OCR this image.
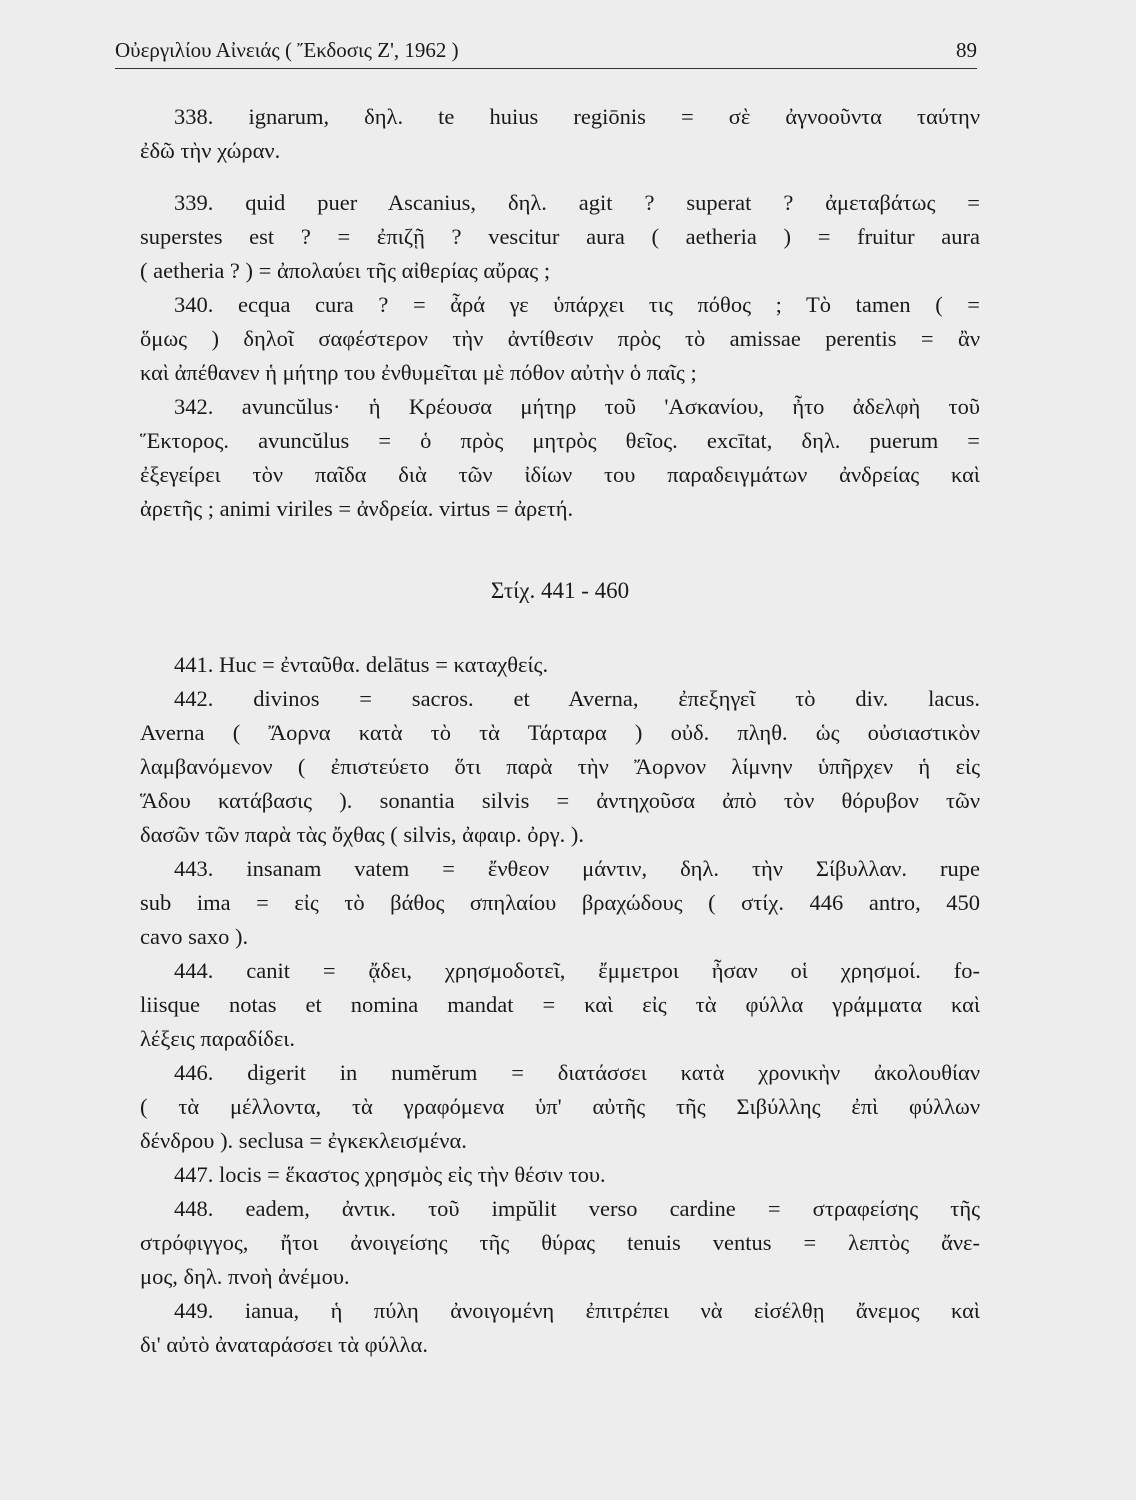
Οὐεργιλίου Αἰνειάς ( Ἔκδοσις Ζ', 1962 )	89
338. ignarum, δηλ. te huius regiōnis = σὲ ἀγνοοῦντα ταύτην
ἐδῶ τὴν χώραν.
339. quid puer Ascanius, δηλ. agit ? superat ? ἀμεταβάτως =
superstes est ? = ἐπιζῇ ? vescitur aura ( aetheria ) = fruitur aura
( aetheria ? ) = ἀπολαύει τῆς αἰθερίας αὔρας ;
340. ecqua cura ? = ἆρά γε ὑπάρχει τις πόθος ; Τὸ tamen ( =
ὅμως ) δηλοῖ σαφέστερον τὴν ἀντίθεσιν πρὸς τὸ amissae perentis = ἂν
καὶ ἀπέθανεν ἡ μήτηρ του ἐνθυμεῖται μὲ πόθον αὐτὴν ὁ παῖς ;
342. avuncŭlus· ἡ Κρέουσα μήτηρ τοῦ 'Ασκανίου, ἦτο ἀδελφὴ τοῦ
Ἕκτορος. avuncŭlus = ὁ πρὸς μητρὸς θεῖος. excītat, δηλ. puerum =
ἐξεγείρει τὸν παῖδα διὰ τῶν ἰδίων του παραδειγμάτων ἀνδρείας καὶ
ἀρετῆς ; animi viriles = ἀνδρεία. virtus = ἀρετή.
Στίχ. 441 - 460
441. Huc = ἐνταῦθα. delātus = καταχθείς.
442. divinos = sacros. et Averna, ἐπεξηγεῖ τὸ div. lacus.
Averna ( Ἄορνα κατὰ τὸ τὰ Τάρταρα ) οὐδ. πληθ. ὡς οὐσιαστικὸν
λαμβανόμενον ( ἐπιστεύετο ὅτι παρὰ τὴν Ἄορνον λίμνην ὑπῆρχεν ἡ εἰς
Ἅδου κατάβασις ). sonantia silvis = ἀντηχοῦσα ἀπὸ τὸν θόρυβον τῶν
δασῶν τῶν παρὰ τὰς ὄχθας ( silvis, ἀφαιρ. ὀργ. ).
443. insanam vatem = ἔνθεον μάντιν, δηλ. τὴν Σίβυλλαν. rupe
sub ima = εἰς τὸ βάθος σπηλαίου βραχώδους ( στίχ. 446 antro, 450
cavo saxo ).
444. canit = ᾄδει, χρησμοδοτεῖ, ἔμμετροι ἦσαν οἱ χρησμοί. fo-
liisque notas et nomina mandat = καὶ εἰς τὰ φύλλα γράμματα καὶ
λέξεις παραδίδει.
446. digerit in numĕrum = διατάσσει κατὰ χρονικὴν ἀκολουθίαν
( τὰ μέλλοντα, τὰ γραφόμενα ὑπ' αὐτῆς τῆς Σιβύλλης ἐπὶ φύλλων
δένδρου ). seclusa = ἐγκεκλεισμένα.
447. locis = ἕκαστος χρησμὸς εἰς τὴν θέσιν του.
448. eadem, ἀντικ. τοῦ impŭlit verso cardine = στραφείσης τῆς
στρόφιγγος, ἤτοι ἀνοιγείσης τῆς θύρας tenuis ventus = λεπτὸς ἄνε-
μος, δηλ. πνοὴ ἀνέμου.
449. ianua, ἡ πύλη ἀνοιγομένη ἐπιτρέπει νὰ εἰσέλθῃ ἄνεμος καὶ
δι' αὐτὸ ἀναταράσσει τὰ φύλλα.
